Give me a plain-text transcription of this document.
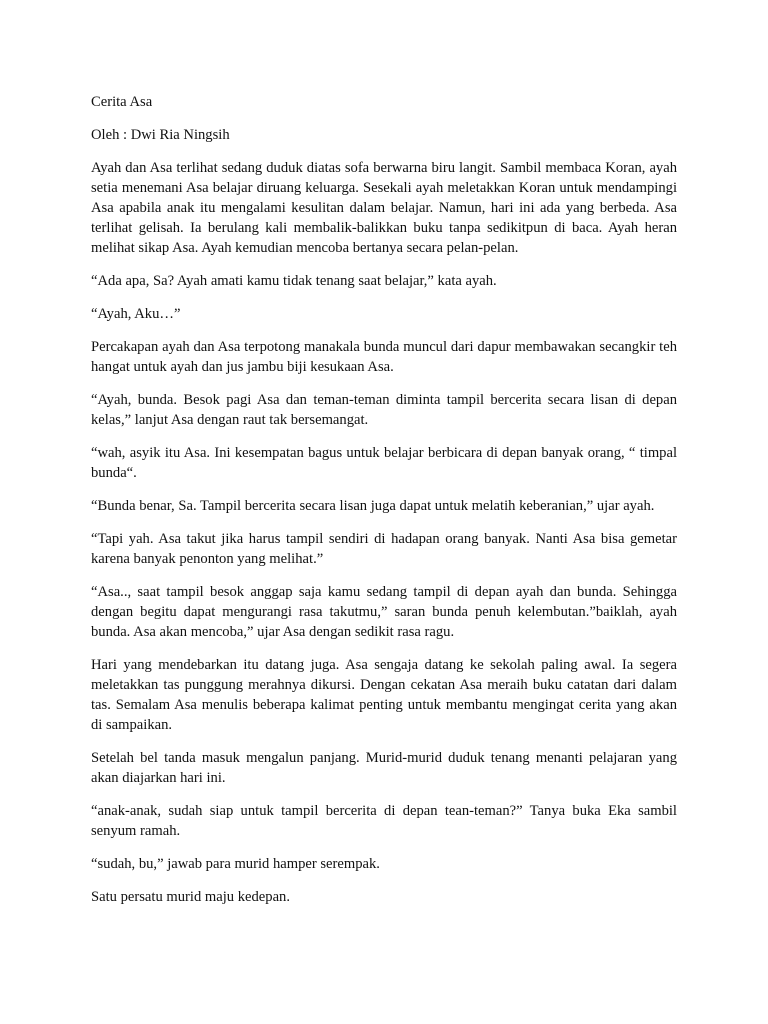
Cerita Asa

Oleh : Dwi Ria Ningsih

Ayah dan Asa terlihat sedang duduk diatas sofa berwarna biru langit. Sambil membaca Koran, ayah setia menemani Asa belajar diruang keluarga. Sesekali ayah meletakkan Koran untuk mendampingi Asa apabila anak itu mengalami kesulitan dalam belajar. Namun, hari ini ada yang berbeda. Asa terlihat gelisah. Ia berulang kali membalik-balikkan buku tanpa sedikitpun di baca. Ayah heran melihat sikap Asa. Ayah kemudian mencoba bertanya secara pelan-pelan.

“Ada apa, Sa? Ayah amati kamu tidak tenang saat belajar,” kata ayah.

“Ayah, Aku…”

Percakapan ayah dan Asa terpotong manakala bunda muncul dari dapur membawakan secangkir teh hangat untuk ayah dan jus jambu biji kesukaan Asa.

“Ayah, bunda. Besok pagi Asa dan teman-teman diminta tampil bercerita secara lisan di depan kelas,” lanjut Asa dengan raut tak bersemangat.

“wah, asyik itu Asa. Ini kesempatan bagus untuk belajar berbicara di depan banyak orang, “ timpal bunda“.

“Bunda benar, Sa. Tampil bercerita secara lisan juga dapat untuk melatih keberanian,” ujar ayah.

“Tapi yah. Asa takut jika harus tampil sendiri di hadapan orang banyak. Nanti Asa bisa gemetar karena banyak penonton yang melihat.”

“Asa.., saat tampil besok anggap saja kamu sedang tampil di depan ayah dan bunda. Sehingga dengan begitu dapat mengurangi rasa takutmu,” saran bunda penuh kelembutan.”baiklah, ayah bunda. Asa akan mencoba,” ujar Asa dengan sedikit rasa ragu.

Hari yang mendebarkan itu datang juga. Asa sengaja datang ke sekolah paling awal. Ia segera meletakkan tas punggung merahnya dikursi. Dengan cekatan Asa meraih buku catatan dari dalam tas. Semalam Asa menulis beberapa kalimat penting untuk membantu mengingat cerita yang akan di sampaikan.

Setelah bel tanda masuk mengalun panjang. Murid-murid duduk tenang menanti pelajaran yang akan diajarkan hari ini.

“anak-anak, sudah siap untuk tampil bercerita di depan tean-teman?” Tanya buka Eka sambil senyum ramah.

“sudah, bu,” jawab para murid hamper serempak.

Satu persatu murid maju kedepan.
